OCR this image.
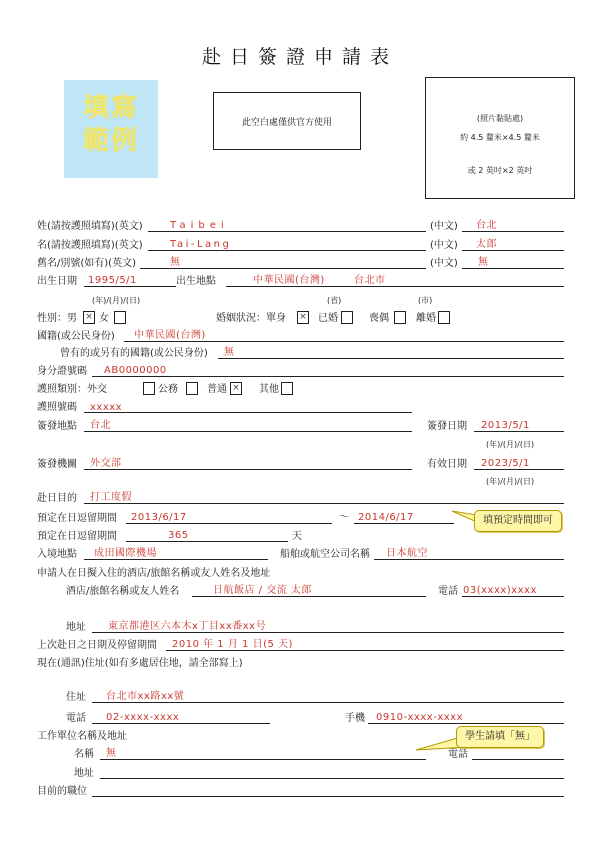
赴日簽證申請表
填寫
範例
此空白處僅供官方使用	(照片黏貼處)
約 4.5 釐米×4.5 釐米
或 2 英吋×2 英吋
姓(請按護照填寫)(英文)	Taibei	(中文) 台北
名(請按護照填寫)(英文)	Tai-Lang	(中文) 太郎
舊名/別號(如有)(英文)	無	(中文) 無
出生日期 1995/5/1	出生地點	中華民國(台灣)	台北市
(年)/(月)/(日)	(省)	(市)
性別：男 × 女	婚姻狀況：單身 × 已婚	喪偶	離婚
國籍(或公民身份) 中華民國(台灣)
曾有的或另有的國籍(或公民身份) 無
身分證號碼 AB0000000
護照類別：外交	公務	普通 × 其他
護照號碼 xxxxx
簽發地點 台北	簽發日期 2013/5/1
(年)/(月)/(日)
簽發機關 外交部	有效日期 2023/5/1
(年)/(月)/(日)
赴日目的 打工度假
預定在日逗留期間 2013/6/17	～ 2014/6/17
預定在日逗留期間	365	天
入境地點 成田國際機場	船舶或航空公司名稱 日本航空
申請人在日擬入住的酒店/旅館名稱或友人姓名及地址
酒店/旅館名稱或友人姓名	日航飯店 / 交流 太郎	電話 03(xxxx)xxxx
地址 東京都港区六本木x丁目xx番xx号
上次赴日之日期及停留期間 2010 年 1 月 1 日(5 天)
現在(通訊)住址(如有多處居住地，請全部寫上)
住址 台北市xx路xx號
電話 02-xxxx-xxxx	手機 0910-xxxx-xxxx
工作單位名稱及地址
名稱 無	電話
地址
目前的職位
填預定時間即可
學生請填「無」
